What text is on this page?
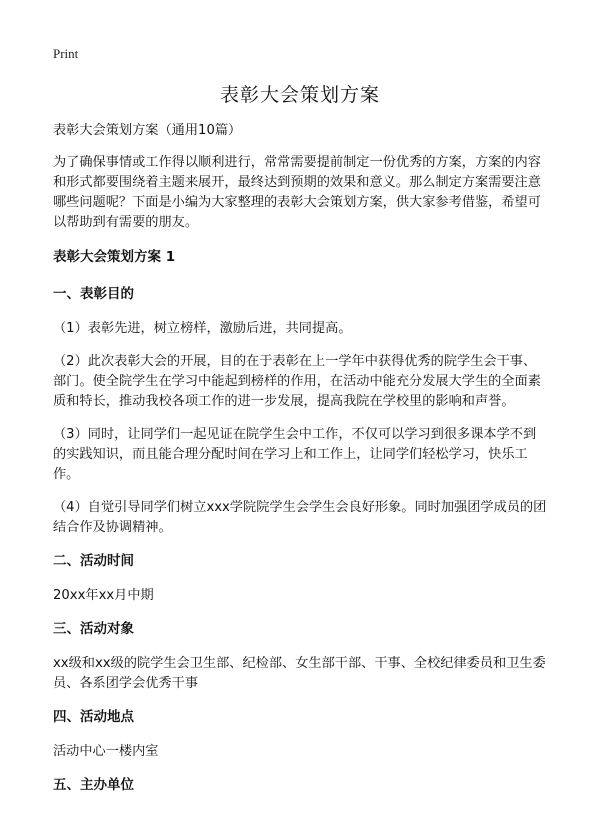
Print
表彰大会策划方案

表彰大会策划方案（通用10篇）

为了确保事情或工作得以顺利进行，常常需要提前制定一份优秀的方案，方案的内容和形式都要围绕着主题来展开，最终达到预期的效果和意义。那么制定方案需要注意哪些问题呢？下面是小编为大家整理的表彰大会策划方案，供大家参考借鉴，希望可以帮助到有需要的朋友。

表彰大会策划方案 1
一、表彰目的

（1）表彰先进，树立榜样，激励后进，共同提高。

（2）此次表彰大会的开展，目的在于表彰在上一学年中获得优秀的院学生会干事、部门。使全院学生在学习中能起到榜样的作用，在活动中能充分发展大学生的全面素质和特长，推动我校各项工作的进一步发展，提高我院在学校里的影响和声誉。

（3）同时，让同学们一起见证在院学生会中工作，不仅可以学习到很多课本学不到的实践知识，而且能合理分配时间在学习上和工作上，让同学们轻松学习，快乐工作。

（4）自觉引导同学们树立xxx学院院学生会学生会良好形象。同时加强团学成员的团结合作及协调精神。

二、活动时间

20xx年xx月中期

三、活动对象

xx级和xx级的院学生会卫生部、纪检部、女生部干部、干事、全校纪律委员和卫生委员、各系团学会优秀干事

四、活动地点

活动中心一楼内室

五、主办单位
